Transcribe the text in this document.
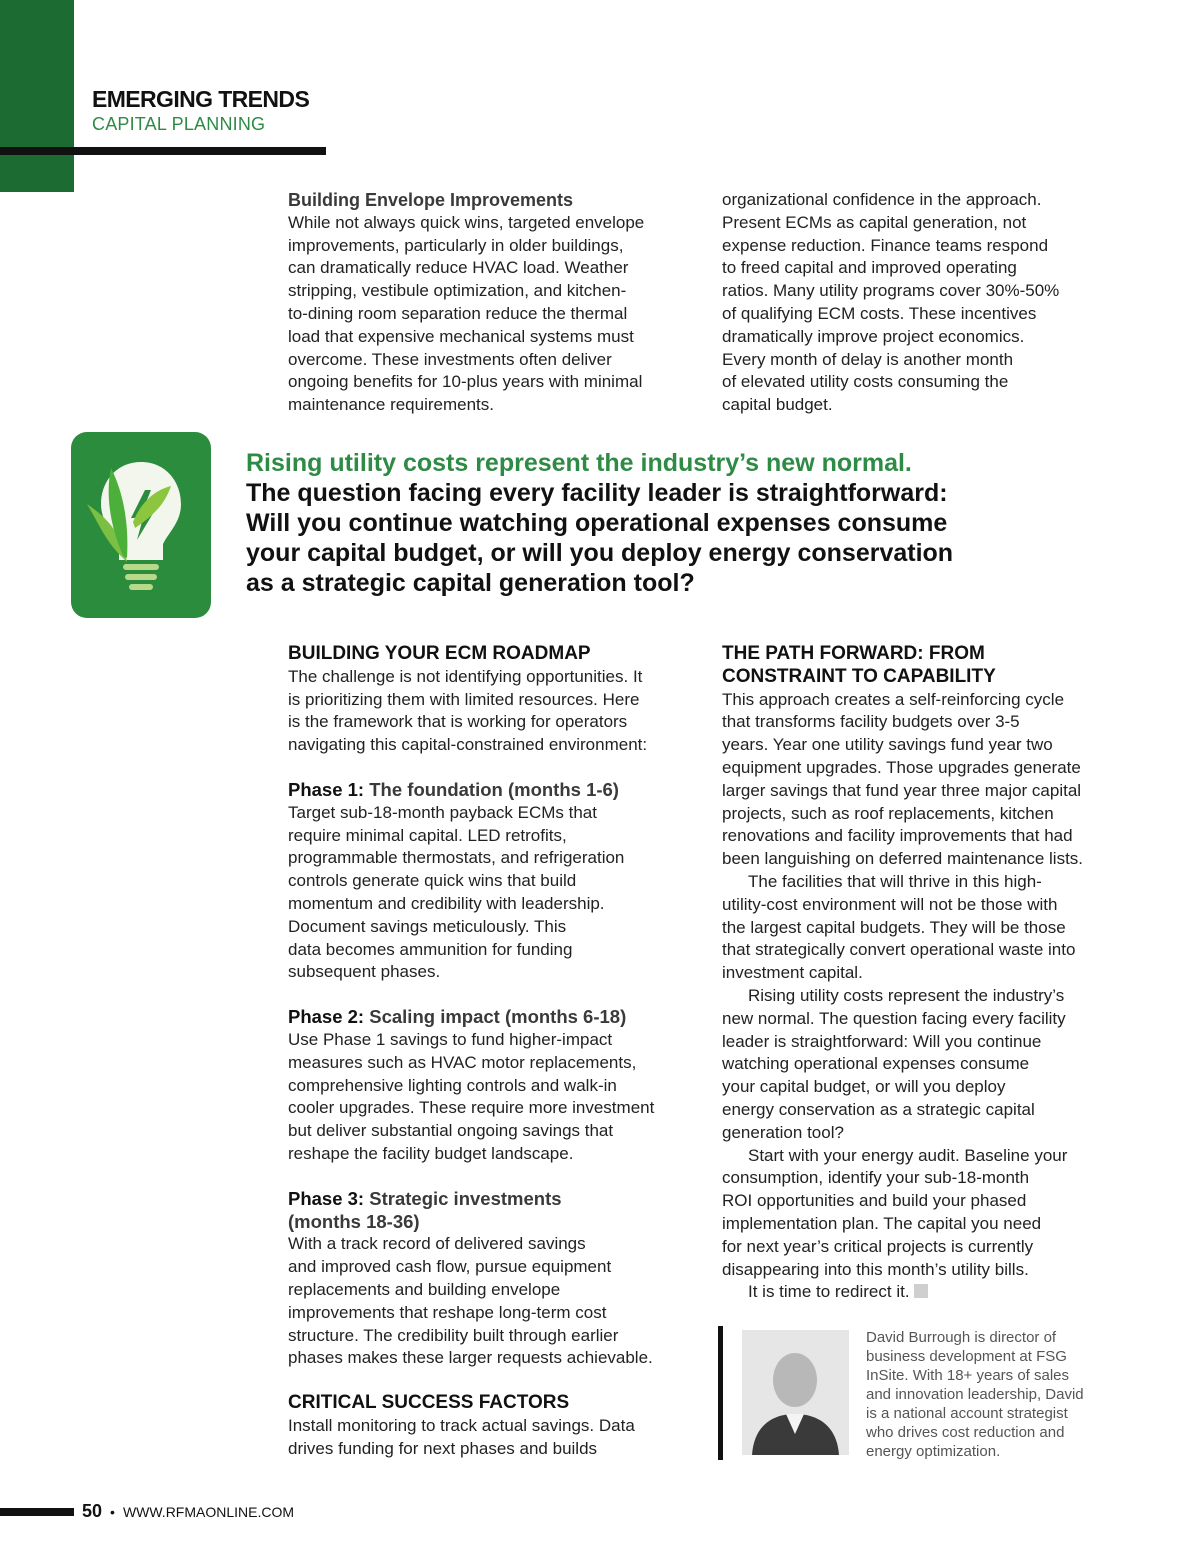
EMERGING TRENDS
CAPITAL PLANNING

Building Envelope Improvements

While not always quick wins, targeted envelope
improvements, particularly in older buildings,
can dramatically reduce HVAC load. Weather
stripping, vestibule optimization, and kitchen-
to-dining room separation reduce the thermal
load that expensive mechanical systems must
overcome. These investments often deliver
ongoing benefits for 10-plus years with minimal
maintenance requirements.

organizational confidence in the approach.
Present ECMs as capital generation, not
expense reduction. Finance teams respond
to freed capital and improved operating
ratios. Many utility programs cover 30%-50%
of qualifying ECM costs. These incentives
dramatically improve project economics.
Every month of delay is another month
of elevated utility costs consuming the
capital budget.

Rising utility costs represent the industry’s new normal.
The question facing every facility leader is straightforward:
Will you continue watching operational expenses consume
your capital budget, or will you deploy energy conservation
as a strategic capital generation tool?

BUILDING YOUR ECM ROADMAP

The challenge is not identifying opportunities. It
is prioritizing them with limited resources. Here
is the framework that is working for operators
navigating this capital-constrained environment:

Phase 1: The foundation (months 1-6)

Target sub-18-month payback ECMs that
require minimal capital. LED retrofits,
programmable thermostats, and refrigeration
controls generate quick wins that build
momentum and credibility with leadership.
Document savings meticulously. This
data becomes ammunition for funding
subsequent phases.

Phase 2: Scaling impact (months 6-18)

Use Phase 1 savings to fund higher-impact
measures such as HVAC motor replacements,
comprehensive lighting controls and walk-in
cooler upgrades. These require more investment
but deliver substantial ongoing savings that
reshape the facility budget landscape.

Phase 3: Strategic investments
(months 18-36)

With a track record of delivered savings
and improved cash flow, pursue equipment
replacements and building envelope
improvements that reshape long-term cost
structure. The credibility built through earlier
phases makes these larger requests achievable.

CRITICAL SUCCESS FACTORS

Install monitoring to track actual savings. Data
drives funding for next phases and builds

THE PATH FORWARD: FROM
CONSTRAINT TO CAPABILITY

This approach creates a self-reinforcing cycle
that transforms facility budgets over 3-5
years. Year one utility savings fund year two
equipment upgrades. Those upgrades generate
larger savings that fund year three major capital
projects, such as roof replacements, kitchen
renovations and facility improvements that had
been languishing on deferred maintenance lists.

The facilities that will thrive in this high-
utility-cost environment will not be those with
the largest capital budgets. They will be those
that strategically convert operational waste into
investment capital.

Rising utility costs represent the industry’s
new normal. The question facing every facility
leader is straightforward: Will you continue
watching operational expenses consume
your capital budget, or will you deploy
energy conservation as a strategic capital
generation tool?

Start with your energy audit. Baseline your
consumption, identify your sub-18-month
ROI opportunities and build your phased
implementation plan. The capital you need
for next year’s critical projects is currently
disappearing into this month’s utility bills.

It is time to redirect it.

David Burrough is director of
business development at FSG
InSite. With 18+ years of sales
and innovation leadership, David
is a national account strategist
who drives cost reduction and
energy optimization.
50 • WWW.RFMAONLINE.COM
